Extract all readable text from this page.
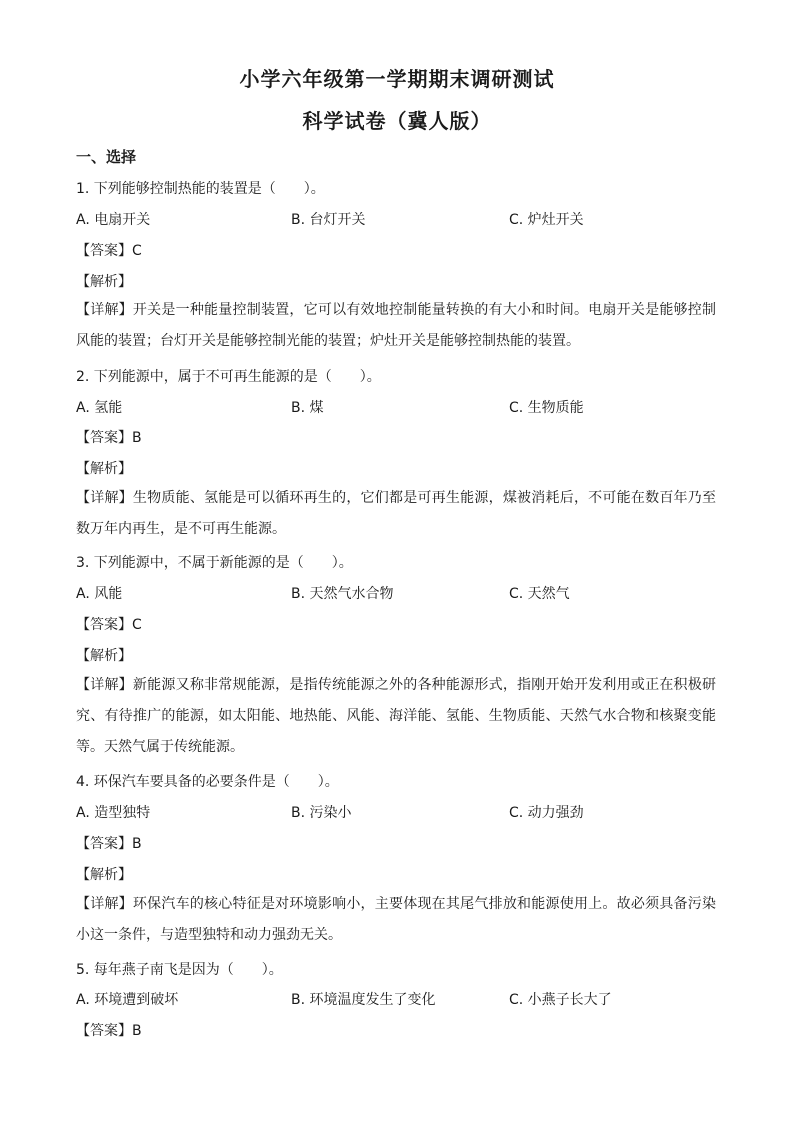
小学六年级第一学期期末调研测试
科学试卷（冀人版）
一、选择
1. 下列能够控制热能的装置是（　　）。
A. 电扇开关	B. 台灯开关	C. 炉灶开关
【答案】C
【解析】
【详解】开关是一种能量控制装置，它可以有效地控制能量转换的有大小和时间。电扇开关是能够控制风能的装置；台灯开关是能够控制光能的装置；炉灶开关是能够控制热能的装置。
2. 下列能源中，属于不可再生能源的是（　　）。
A. 氢能	B. 煤	C. 生物质能
【答案】B
【解析】
【详解】生物质能、氢能是可以循环再生的，它们都是可再生能源，煤被消耗后，不可能在数百年乃至数万年内再生，是不可再生能源。
3. 下列能源中，不属于新能源的是（　　）。
A. 风能	B. 天然气水合物	C. 天然气
【答案】C
【解析】
【详解】新能源又称非常规能源，是指传统能源之外的各种能源形式，指刚开始开发利用或正在积极研究、有待推广的能源，如太阳能、地热能、风能、海洋能、氢能、生物质能、天然气水合物和核聚变能等。天然气属于传统能源。
4. 环保汽车要具备的必要条件是（　　）。
A. 造型独特	B. 污染小	C. 动力强劲
【答案】B
【解析】
【详解】环保汽车的核心特征是对环境影响小，主要体现在其尾气排放和能源使用上。故必须具备污染小这一条件，与造型独特和动力强劲无关。
5. 每年燕子南飞是因为（　　）。
A. 环境遭到破坏	B. 环境温度发生了变化	C. 小燕子长大了
【答案】B
